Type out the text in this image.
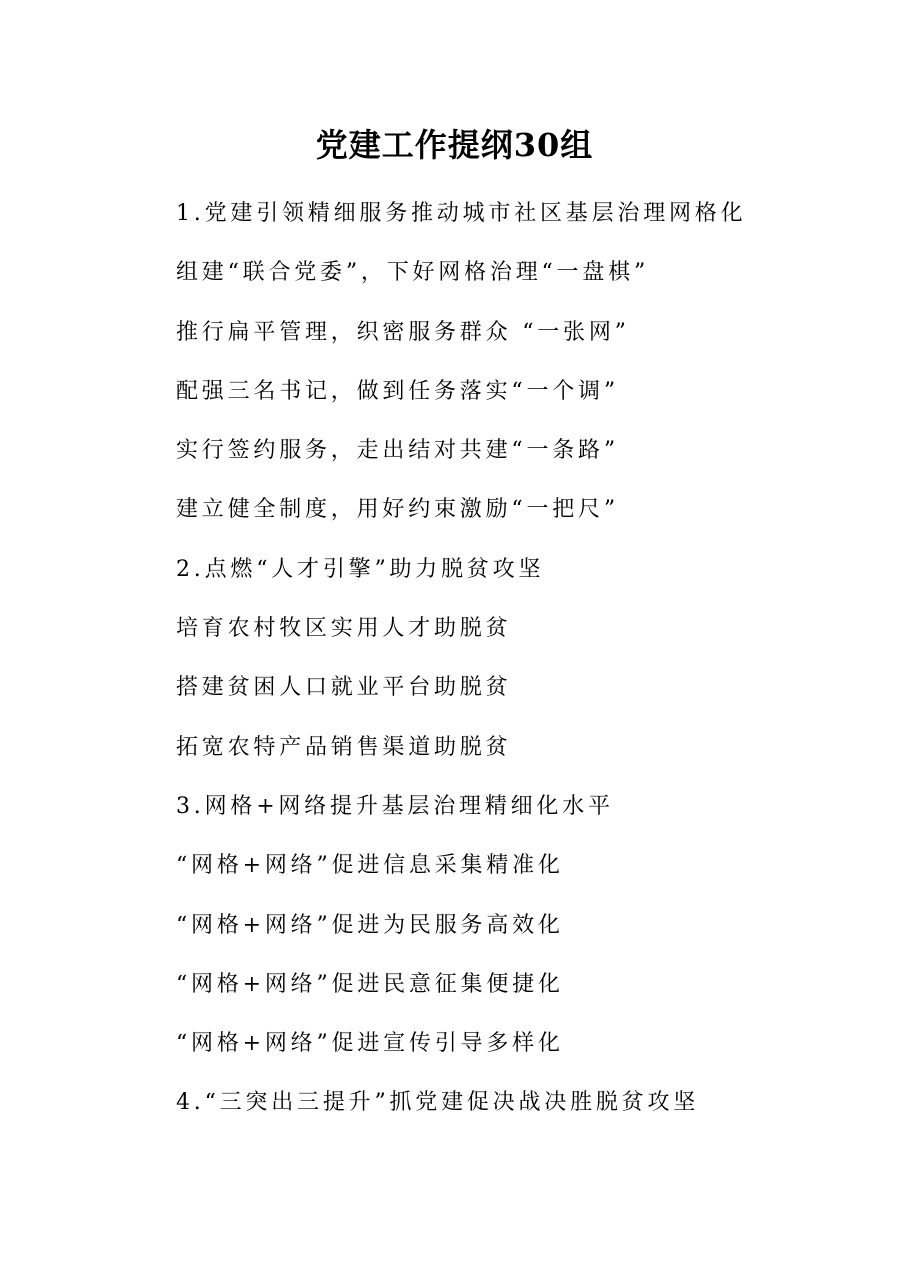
党建工作提纲30组
1.党建引领精细服务推动城市社区基层治理网格化
组建“联合党委”，下好网格治理“一盘棋”
推行扁平管理，织密服务群众 “一张网”
配强三名书记，做到任务落实“一个调”
实行签约服务，走出结对共建“一条路”
建立健全制度，用好约束激励“一把尺”
2.点燃“人才引擎”助力脱贫攻坚
培育农村牧区实用人才助脱贫
搭建贫困人口就业平台助脱贫
拓宽农特产品销售渠道助脱贫
3.网格+网络提升基层治理精细化水平
“网格+网络”促进信息采集精准化
“网格+网络”促进为民服务高效化
“网格+网络”促进民意征集便捷化
“网格+网络”促进宣传引导多样化
4.“三突出三提升”抓党建促决战决胜脱贫攻坚
